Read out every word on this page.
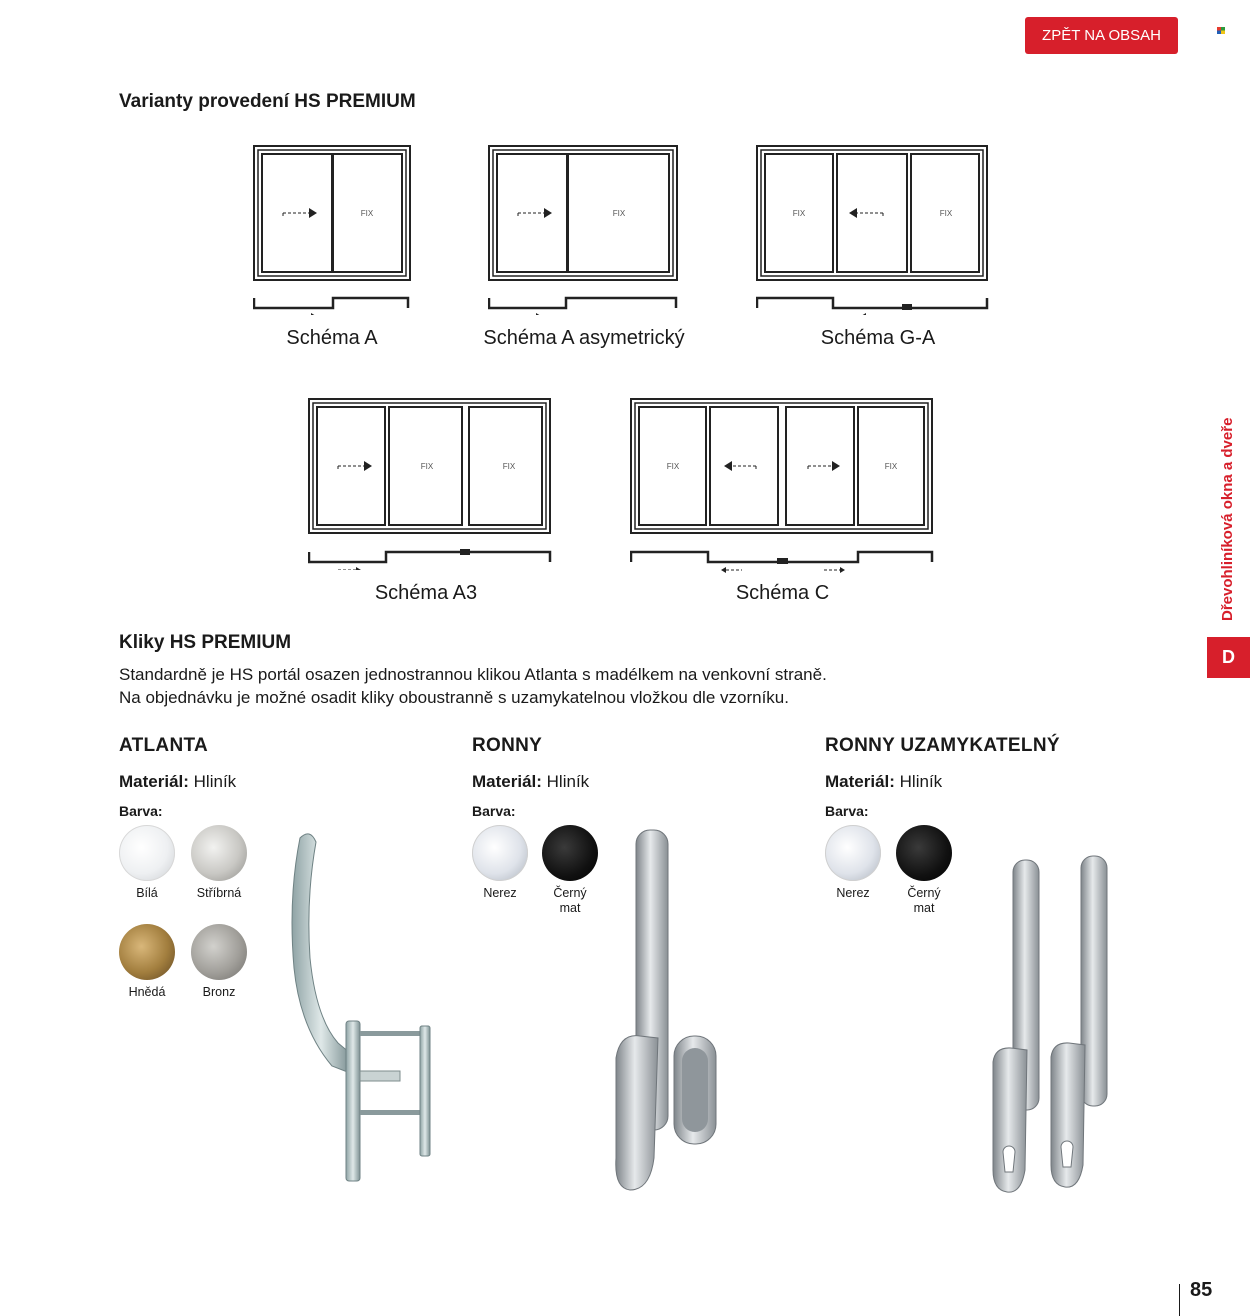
ZPĚT NA OBSAH
Varianty provedení HS PREMIUM
FIX
Schéma A
FIX
Schéma A asymetrický
FIX	FIX
Schéma G-A
FIX	FIX
Schéma A3
FIX	FIX
Schéma C
Kliky HS PREMIUM
Standardně je HS portál osazen jednostrannou klikou Atlanta s madélkem na venkovní straně.
Na objednávku je možné osadit kliky oboustranně s uzamykatelnou vložkou dle vzorníku.
ATLANTA
Materiál: Hliník
Barva:
Bílá	Stříbrná
Hnědá	Bronz
RONNY
Materiál: Hliník
Barva:
Nerez	Černý mat
RONNY UZAMYKATELNÝ
Materiál: Hliník
Barva:
Nerez	Černý mat
Dřevohliníková okna a dveře
D
85
